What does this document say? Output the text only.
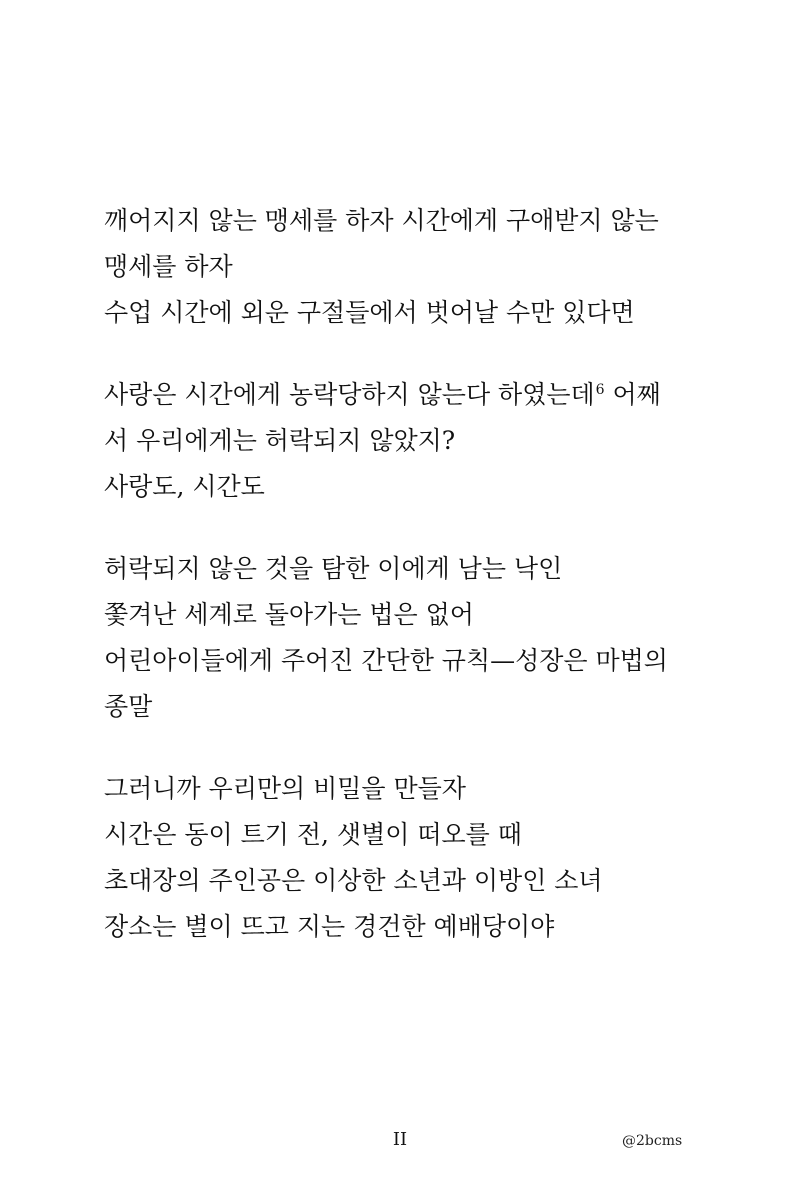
깨어지지 않는 맹세를 하자 시간에게 구애받지 않는
맹세를 하자
수업 시간에 외운 구절들에서 벗어날 수만 있다면
사랑은 시간에게 농락당하지 않는다 하였는데$^6$ 어째
서 우리에게는 허락되지 않았지?
사랑도, 시간도
허락되지 않은 것을 탐한 이에게 남는 낙인
쫓겨난 세계로 돌아가는 법은 없어
어린아이들에게 주어진 간단한 규칙—성장은 마법의
종말
그러니까 우리만의 비밀을 만들자
시간은 동이 트기 전, 샛별이 떠오를 때
초대장의 주인공은 이상한 소년과 이방인 소녀
장소는 별이 뜨고 지는 경건한 예배당이야
II	@2bcms
